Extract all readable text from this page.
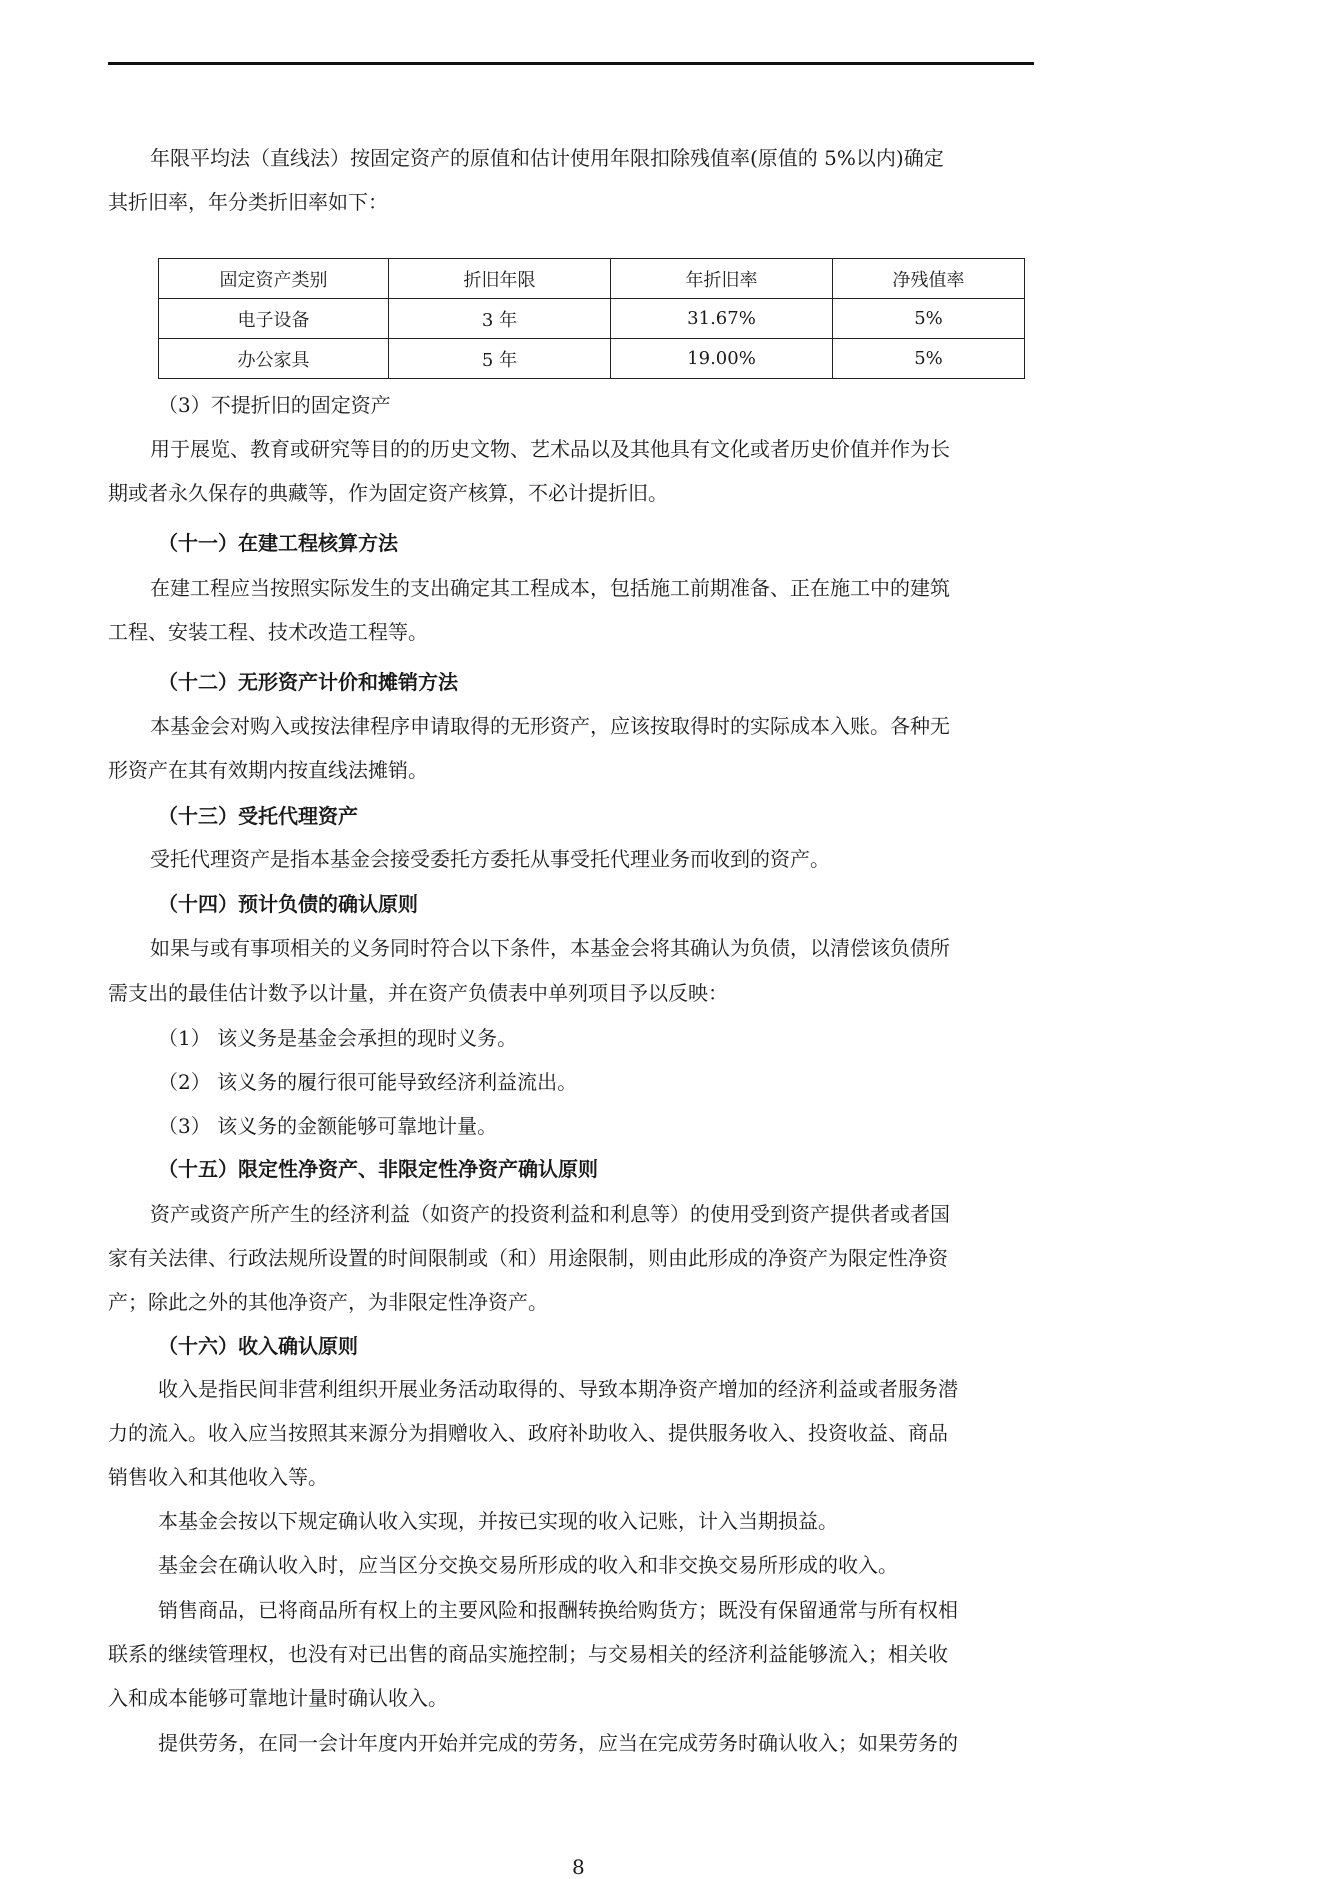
年限平均法（直线法）按固定资产的原值和估计使用年限扣除残值率(原值的 5%以内)确定
其折旧率，年分类折旧率如下：
固定资产类别	折旧年限	年折旧率	净残值率
电子设备	3 年	31.67%	5%
办公家具	5 年	19.00%	5%
（3）不提折旧的固定资产
用于展览、教育或研究等目的的历史文物、艺术品以及其他具有文化或者历史价值并作为长
期或者永久保存的典藏等，作为固定资产核算，不必计提折旧。
（十一）在建工程核算方法
在建工程应当按照实际发生的支出确定其工程成本，包括施工前期准备、正在施工中的建筑
工程、安装工程、技术改造工程等。
（十二）无形资产计价和摊销方法
本基金会对购入或按法律程序申请取得的无形资产，应该按取得时的实际成本入账。各种无
形资产在其有效期内按直线法摊销。
（十三）受托代理资产
受托代理资产是指本基金会接受委托方委托从事受托代理业务而收到的资产。
（十四）预计负债的确认原则
如果与或有事项相关的义务同时符合以下条件，本基金会将其确认为负债，以清偿该负债所
需支出的最佳估计数予以计量，并在资产负债表中单列项目予以反映：
（1） 该义务是基金会承担的现时义务。
（2） 该义务的履行很可能导致经济利益流出。
（3） 该义务的金额能够可靠地计量。
（十五）限定性净资产、非限定性净资产确认原则
资产或资产所产生的经济利益（如资产的投资利益和利息等）的使用受到资产提供者或者国
家有关法律、行政法规所设置的时间限制或（和）用途限制，则由此形成的净资产为限定性净资
产；除此之外的其他净资产，为非限定性净资产。
（十六）收入确认原则
收入是指民间非营利组织开展业务活动取得的、导致本期净资产增加的经济利益或者服务潜
力的流入。收入应当按照其来源分为捐赠收入、政府补助收入、提供服务收入、投资收益、商品
销售收入和其他收入等。
本基金会按以下规定确认收入实现，并按已实现的收入记账，计入当期损益。
基金会在确认收入时，应当区分交换交易所形成的收入和非交换交易所形成的收入。
销售商品，已将商品所有权上的主要风险和报酬转换给购货方；既没有保留通常与所有权相
联系的继续管理权，也没有对已出售的商品实施控制；与交易相关的经济利益能够流入；相关收
入和成本能够可靠地计量时确认收入。
提供劳务，在同一会计年度内开始并完成的劳务，应当在完成劳务时确认收入；如果劳务的
8
